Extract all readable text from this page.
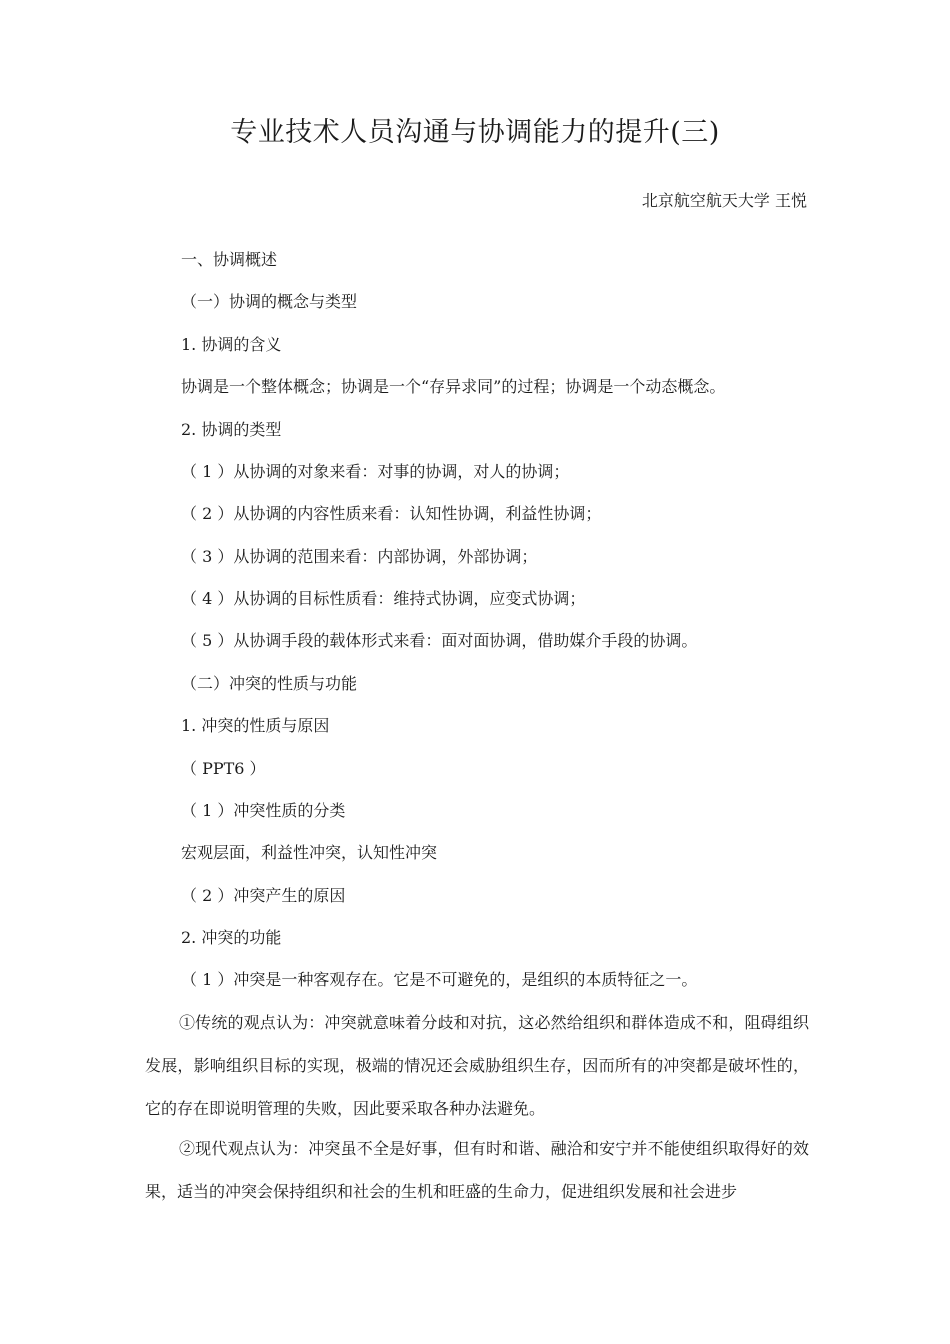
专业技术人员沟通与协调能力的提升(三)
北京航空航天大学 王悦
一、协调概述
（一）协调的概念与类型
1. 协调的含义
协调是一个整体概念；协调是一个“存异求同”的过程；协调是一个动态概念。
2. 协调的类型
（ 1 ）从协调的对象来看：对事的协调，对人的协调；
（ 2 ）从协调的内容性质来看：认知性协调，利益性协调；
（ 3 ）从协调的范围来看：内部协调，外部协调；
（ 4 ）从协调的目标性质看：维持式协调，应变式协调；
（ 5 ）从协调手段的载体形式来看：面对面协调，借助媒介手段的协调。
（二）冲突的性质与功能
1. 冲突的性质与原因
（ PPT6 ）
（ 1 ）冲突性质的分类
宏观层面，利益性冲突，认知性冲突
（ 2 ）冲突产生的原因
2. 冲突的功能
（ 1 ）冲突是一种客观存在。它是不可避免的，是组织的本质特征之一。

①传统的观点认为：冲突就意味着分歧和对抗，这必然给组织和群体造成不和，阻碍组织发展，影响组织目标的实现，极端的情况还会威胁组织生存，因而所有的冲突都是破坏性的，它的存在即说明管理的失败，因此要采取各种办法避免。

②现代观点认为：冲突虽不全是好事，但有时和谐、融洽和安宁并不能使组织取得好的效果，适当的冲突会保持组织和社会的生机和旺盛的生命力，促进组织发展和社会进步
